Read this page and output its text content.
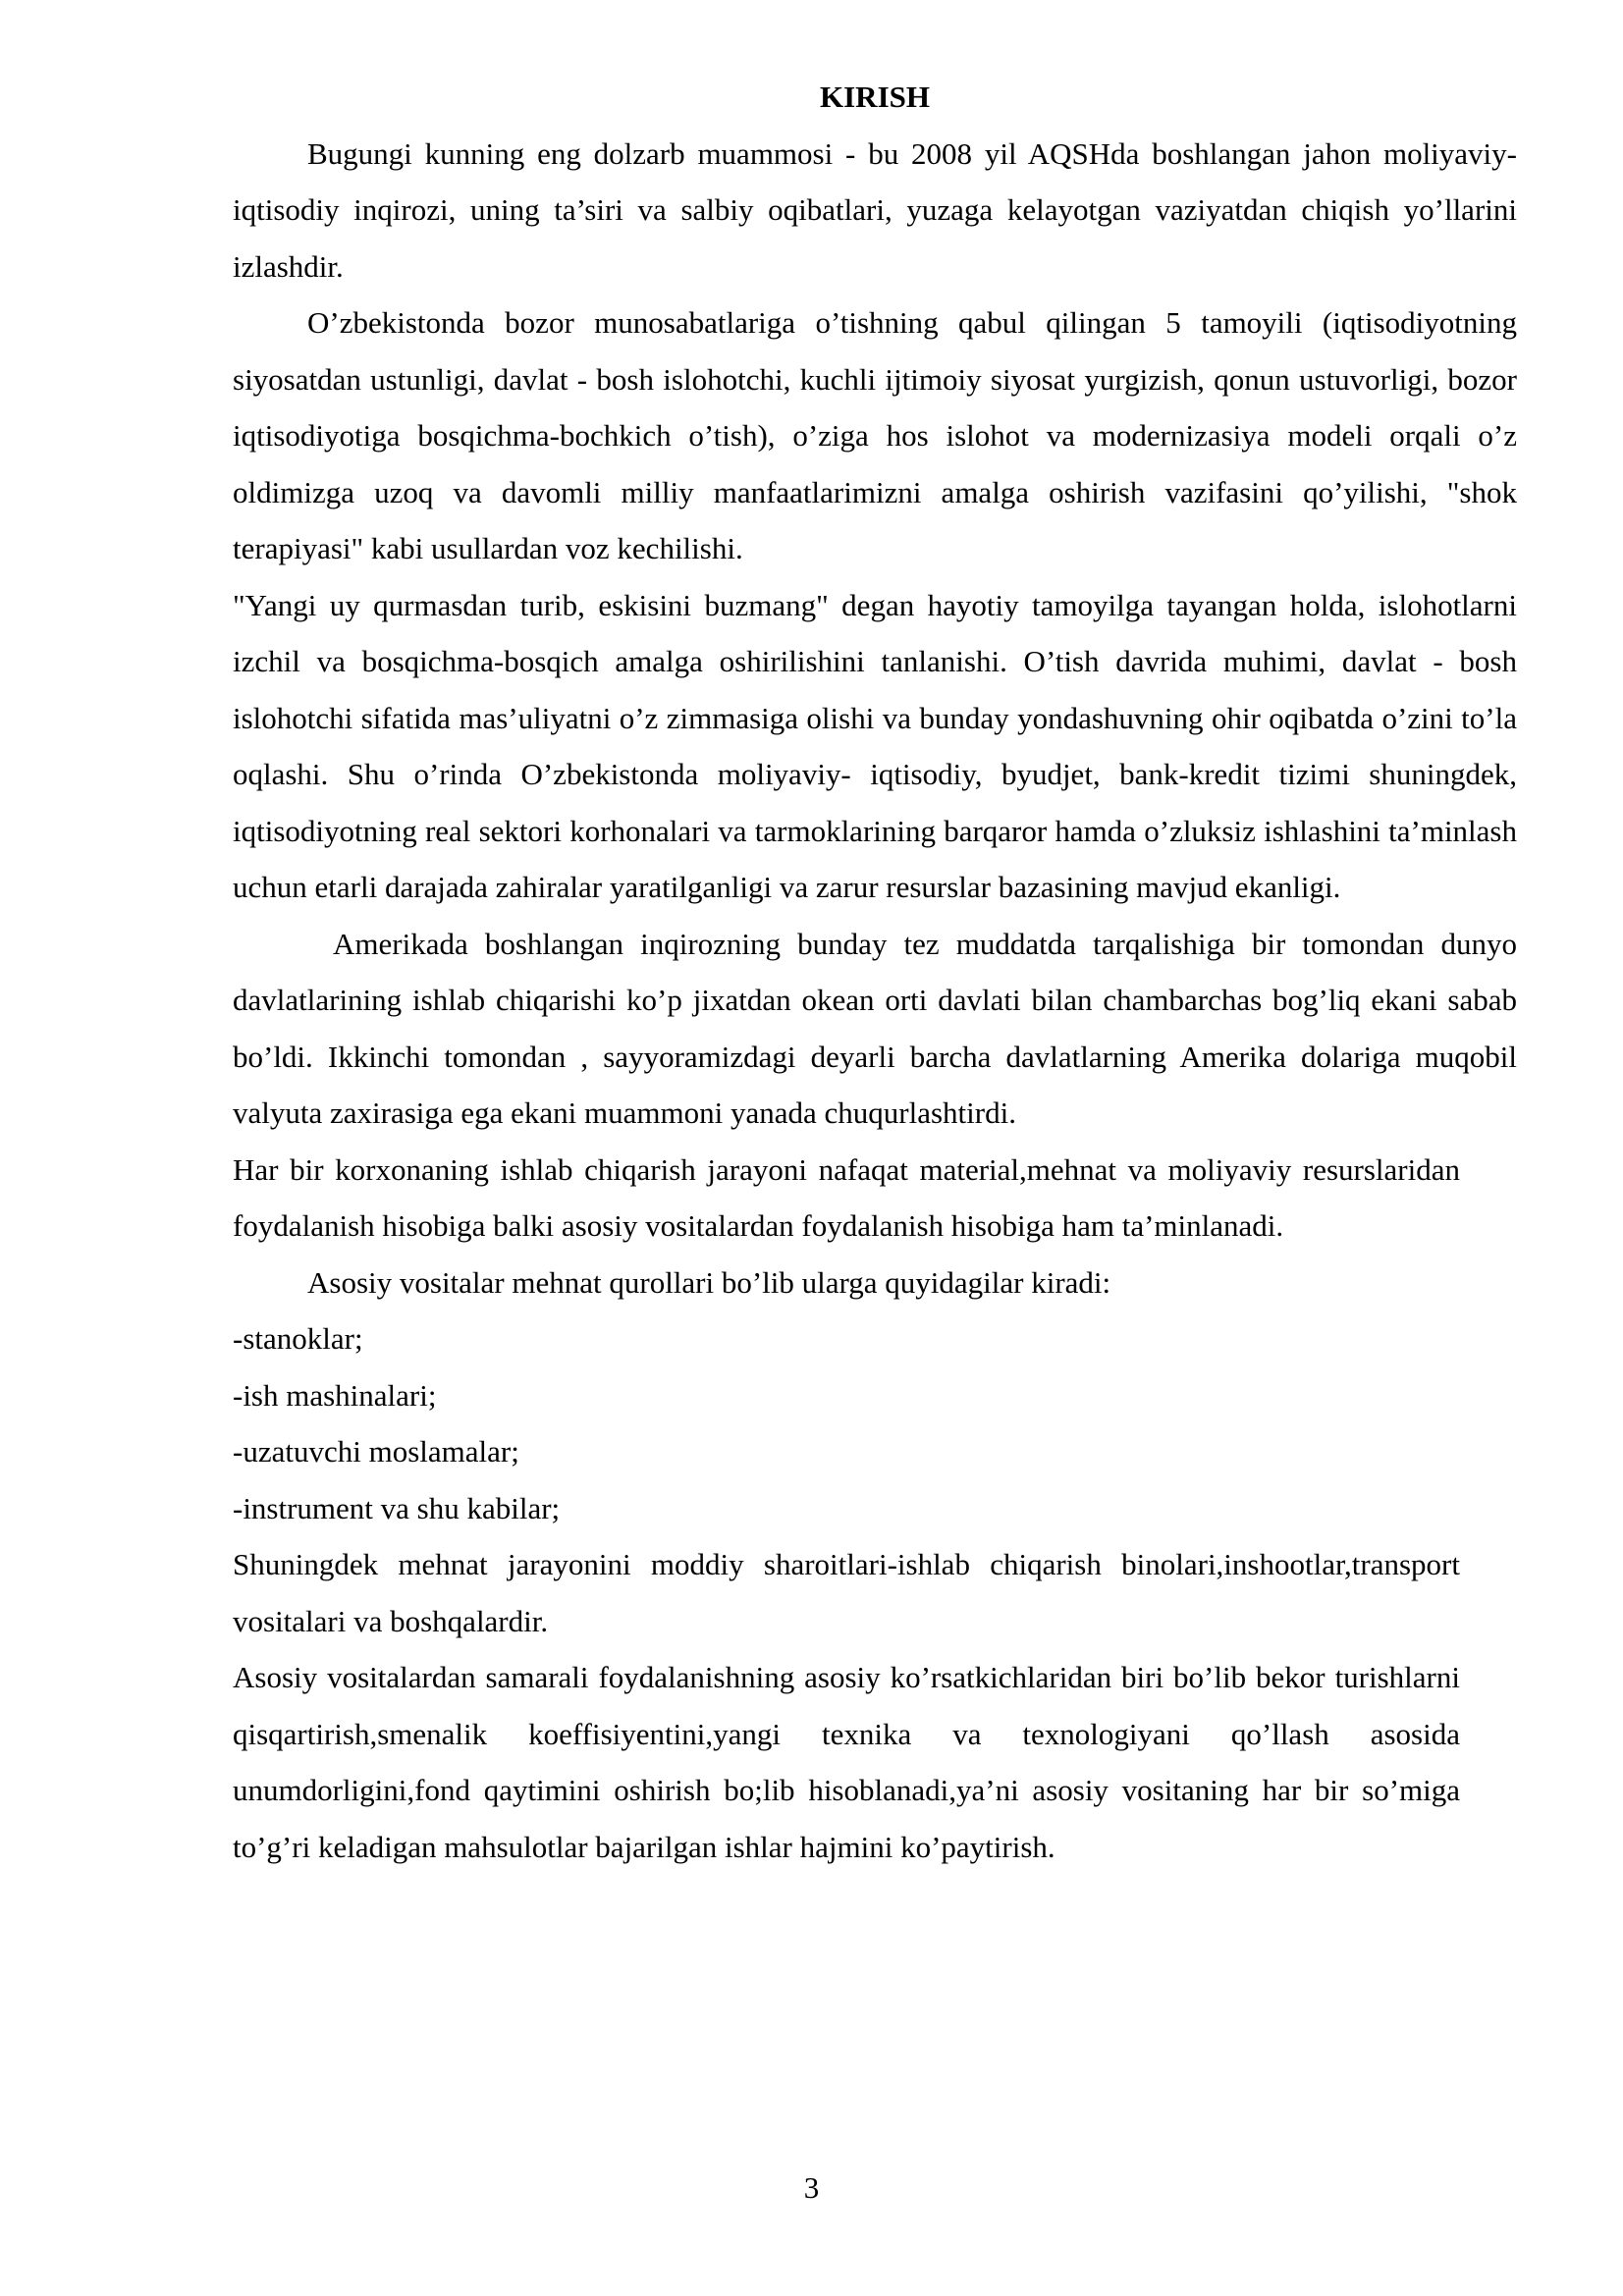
KIRISH

Bugungi kunning eng dolzarb muammosi - bu 2008 yil AQSHda boshlangan jahon moliyaviy-iqtisodiy inqirozi, uning ta’siri va salbiy oqibatlari, yuzaga kelayotgan vaziyatdan chiqish yo’llarini izlashdir.

O’zbekistonda bozor munosabatlariga o’tishning qabul qilingan 5 tamoyili (iqtisodiyotning siyosatdan ustunligi, davlat - bosh islohotchi, kuchli ijtimoiy siyosat yurgizish, qonun ustuvorligi, bozor iqtisodiyotiga bosqichma-bochkich o’tish), o’ziga hos islohot va modernizasiya modeli orqali o’z oldimizga uzoq va davomli milliy manfaatlarimizni amalga oshirish vazifasini qo’yilishi, "shok terapiyasi" kabi usullardan voz kechilishi.

"Yangi uy qurmasdan turib, eskisini buzmang" degan hayotiy tamoyilga tayangan holda, islohotlarni izchil va bosqichma-bosqich amalga oshirilishini tanlanishi. O’tish davrida muhimi, davlat - bosh islohotchi sifatida mas’uliyatni o’z zimmasiga olishi va bunday yondashuvning ohir oqibatda o’zini to’la oqlashi. Shu o’rinda O’zbekistonda moliyaviy- iqtisodiy, byudjet, bank-kredit tizimi shuningdek, iqtisodiyotning real sektori korhonalari va tarmoklarining barqaror hamda o’zluksiz ishlashini ta’minlash uchun etarli darajada zahiralar yaratilganligi va zarur resurslar bazasining mavjud ekanligi.

Amerikada boshlangan inqirozning bunday tez muddatda tarqalishiga bir tomondan dunyo davlatlarining ishlab chiqarishi ko’p jixatdan okean orti davlati bilan chambarchas bog’liq ekani sabab bo’ldi. Ikkinchi tomondan , sayyoramizdagi deyarli barcha davlatlarning Amerika dolariga muqobil valyuta zaxirasiga ega ekani muammoni yanada chuqurlashtirdi.

Har bir korxonaning ishlab chiqarish jarayoni nafaqat material,mehnat va moliyaviy resurslaridan foydalanish hisobiga balki asosiy vositalardan foydalanish hisobiga ham ta’minlanadi.

Asosiy vositalar mehnat qurollari bo’lib ularga quyidagilar kiradi:

-stanoklar;

-ish mashinalari;

-uzatuvchi moslamalar;

-instrument va shu kabilar;

Shuningdek mehnat jarayonini moddiy sharoitlari-ishlab chiqarish binolari,inshootlar,transport vositalari va boshqalardir.

Asosiy vositalardan samarali foydalanishning asosiy ko’rsatkichlaridan biri bo’lib bekor turishlarni qisqartirish,smenalik koeffisiyentini,yangi texnika va texnologiyani qo’llash asosida unumdorligini,fond qaytimini oshirish bo;lib hisoblanadi,ya’ni asosiy vositaning har bir so’miga to’g’ri keladigan mahsulotlar bajarilgan ishlar hajmini ko’paytirish.

3
